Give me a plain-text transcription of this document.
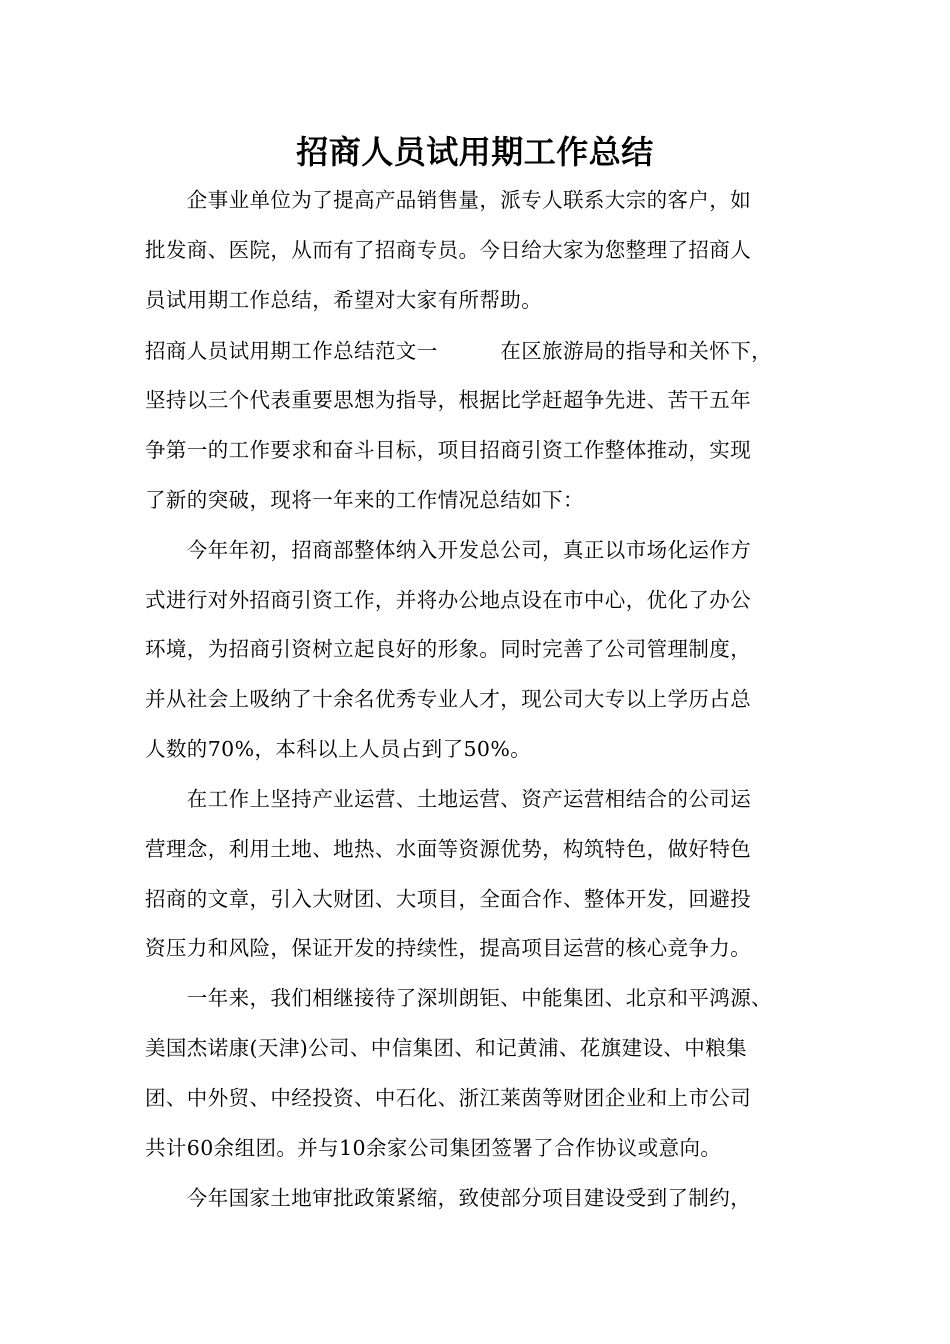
招商人员试用期工作总结
　　企事业单位为了提高产品销售量，派专人联系大宗的客户，如
批发商、医院，从而有了招商专员。今日给大家为您整理了招商人
员试用期工作总结，希望对大家有所帮助。
招商人员试用期工作总结范文一　　　在区旅游局的指导和关怀下，
坚持以三个代表重要思想为指导，根据比学赶超争先进、苦干五年
争第一的工作要求和奋斗目标，项目招商引资工作整体推动，实现
了新的突破，现将一年来的工作情况总结如下：
　　今年年初，招商部整体纳入开发总公司，真正以市场化运作方
式进行对外招商引资工作，并将办公地点设在市中心，优化了办公
环境，为招商引资树立起良好的形象。同时完善了公司管理制度，
并从社会上吸纳了十余名优秀专业人才，现公司大专以上学历占总
人数的70%，本科以上人员占到了50%。
　　在工作上坚持产业运营、土地运营、资产运营相结合的公司运
营理念，利用土地、地热、水面等资源优势，构筑特色，做好特色
招商的文章，引入大财团、大项目，全面合作、整体开发，回避投
资压力和风险，保证开发的持续性，提高项目运营的核心竞争力。
　　一年来，我们相继接待了深圳朗钜、中能集团、北京和平鸿源、
美国杰诺康(天津)公司、中信集团、和记黄浦、花旗建设、中粮集
团、中外贸、中经投资、中石化、浙江莱茵等财团企业和上市公司
共计60余组团。并与10余家公司集团签署了合作协议或意向。
　　今年国家土地审批政策紧缩，致使部分项目建设受到了制约，
